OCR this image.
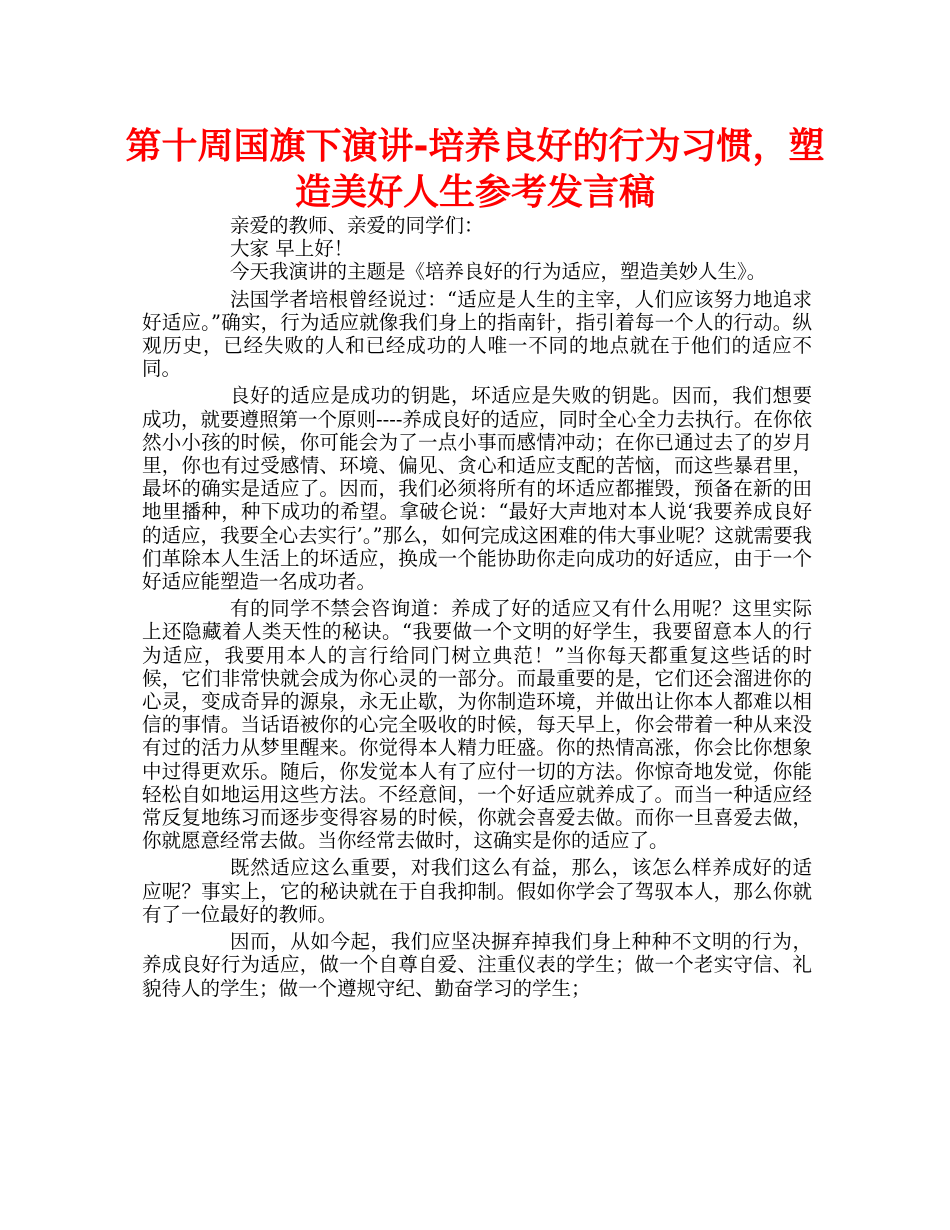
第十周国旗下演讲-培养良好的行为习惯，塑造美好人生参考发言稿

亲爱的教师、亲爱的同学们：

大家 早上好！

今天我演讲的主题是《培养良好的行为适应，塑造美妙人生》。

法国学者培根曾经说过：“适应是人生的主宰，人们应该努力地追求好适应。”确实，行为适应就像我们身上的指南针，指引着每一个人的行动。纵观历史，已经失败的人和已经成功的人唯一不同的地点就在于他们的适应不同。

良好的适应是成功的钥匙，坏适应是失败的钥匙。因而，我们想要成功，就要遵照第一个原则----养成良好的适应，同时全心全力去执行。在你依然小小孩的时候，你可能会为了一点小事而感情冲动；在你已通过去了的岁月里，你也有过受感情、环境、偏见、贪心和适应支配的苦恼，而这些暴君里，最坏的确实是适应了。因而，我们必须将所有的坏适应都摧毁，预备在新的田地里播种，种下成功的希望。拿破仑说：“最好大声地对本人说‘我要养成良好的适应，我要全心去实行’。”那么，如何完成这困难的伟大事业呢？这就需要我们革除本人生活上的坏适应，换成一个能协助你走向成功的好适应，由于一个好适应能塑造一名成功者。

有的同学不禁会咨询道：养成了好的适应又有什么用呢？这里实际上还隐藏着人类天性的秘诀。“我要做一个文明的好学生，我要留意本人的行为适应，我要用本人的言行给同门树立典范！”当你每天都重复这些话的时候，它们非常快就会成为你心灵的一部分。而最重要的是，它们还会溜进你的心灵，变成奇异的源泉，永无止歇，为你制造环境，并做出让你本人都难以相信的事情。当话语被你的心完全吸收的时候，每天早上，你会带着一种从来没有过的活力从梦里醒来。你觉得本人精力旺盛。你的热情高涨，你会比你想象中过得更欢乐。随后，你发觉本人有了应付一切的方法。你惊奇地发觉，你能轻松自如地运用这些方法。不经意间，一个好适应就养成了。而当一种适应经常反复地练习而逐步变得容易的时候，你就会喜爱去做。而你一旦喜爱去做，你就愿意经常去做。当你经常去做时，这确实是你的适应了。

既然适应这么重要，对我们这么有益，那么，该怎么样养成好的适应呢？事实上，它的秘诀就在于自我抑制。假如你学会了驾驭本人，那么你就有了一位最好的教师。

因而，从如今起，我们应坚决摒弃掉我们身上种种不文明的行为，养成良好行为适应，做一个自尊自爱、注重仪表的学生；做一个老实守信、礼貌待人的学生；做一个遵规守纪、勤奋学习的学生；
